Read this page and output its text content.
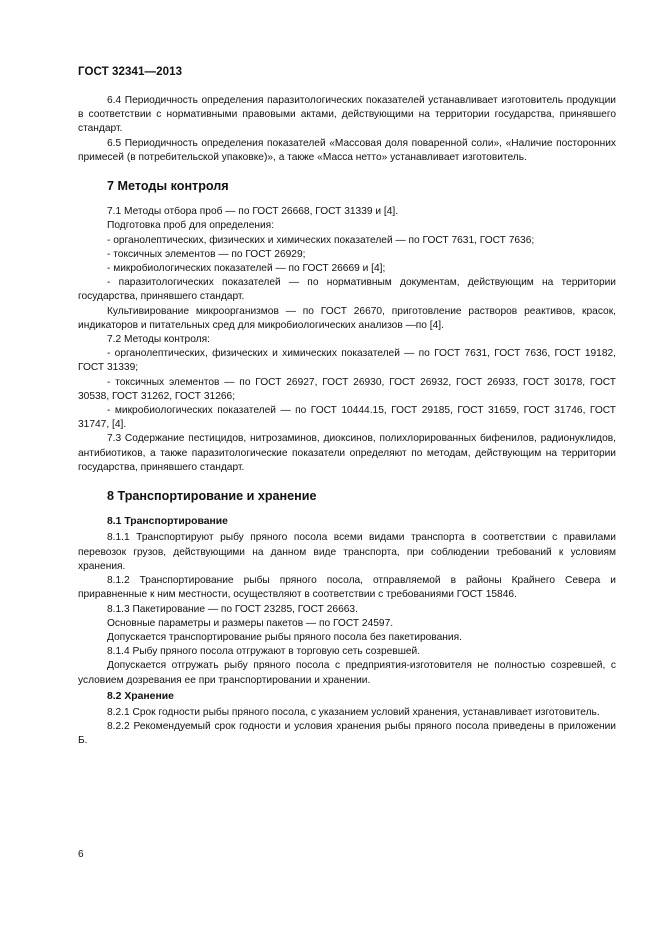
ГОСТ 32341—2013

6.4 Периодичность определения паразитологических показателей устанавливает изготовитель продукции в соответствии с нормативными правовыми актами, действующими на территории государства, принявшего стандарт.

6.5 Периодичность определения показателей «Массовая доля поваренной соли», «Наличие посторонних примесей (в потребительской упаковке)», а также «Масса нетто» устанавливает изготовитель.

7 Методы контроля

7.1 Методы отбора проб — по ГОСТ 26668, ГОСТ 31339 и [4].

Подготовка проб для определения:

- органолептических, физических и химических показателей — по ГОСТ 7631, ГОСТ 7636;

- токсичных элементов — по ГОСТ 26929;

- микробиологических показателей — по ГОСТ 26669 и [4];

- паразитологических показателей — по нормативным документам, действующим на территории государства, принявшего стандарт.

Культивирование микроорганизмов — по ГОСТ 26670, приготовление растворов реактивов, красок, индикаторов и питательных сред для микробиологических анализов —по [4].

7.2 Методы контроля:

- органолептических, физических и химических показателей — по ГОСТ 7631, ГОСТ 7636, ГОСТ 19182, ГОСТ 31339;

- токсичных элементов — по ГОСТ 26927, ГОСТ 26930, ГОСТ 26932, ГОСТ 26933, ГОСТ 30178, ГОСТ 30538, ГОСТ 31262, ГОСТ 31266;

- микробиологических показателей — по ГОСТ 10444.15, ГОСТ 29185, ГОСТ 31659, ГОСТ 31746, ГОСТ 31747, [4].

7.3 Содержание пестицидов, нитрозаминов, диоксинов, полихлорированных бифенилов, радионуклидов, антибиотиков, а также паразитологические показатели определяют по методам, действующим на территории государства, принявшего стандарт.

8 Транспортирование и хранение
8.1 Транспортирование

8.1.1 Транспортируют рыбу пряного посола всеми видами транспорта в соответствии с правилами перевозок грузов, действующими на данном виде транспорта, при соблюдении требований к условиям хранения.

8.1.2 Транспортирование рыбы пряного посола, отправляемой в районы Крайнего Севера и приравненные к ним местности, осуществляют в соответствии с требованиями ГОСТ 15846.

8.1.3 Пакетирование — по ГОСТ 23285, ГОСТ 26663.

Основные параметры и размеры пакетов — по ГОСТ 24597.

Допускается транспортирование рыбы пряного посола без пакетирования.

8.1.4 Рыбу пряного посола отгружают в торговую сеть созревшей.

Допускается отгружать рыбу пряного посола с предприятия-изготовителя не полностью созревшей, с условием дозревания ее при транспортировании и хранении.

8.2 Хранение

8.2.1 Срок годности рыбы пряного посола, с указанием условий хранения, устанавливает изготовитель.

8.2.2 Рекомендуемый срок годности и условия хранения рыбы пряного посола приведены в приложении Б.

6
